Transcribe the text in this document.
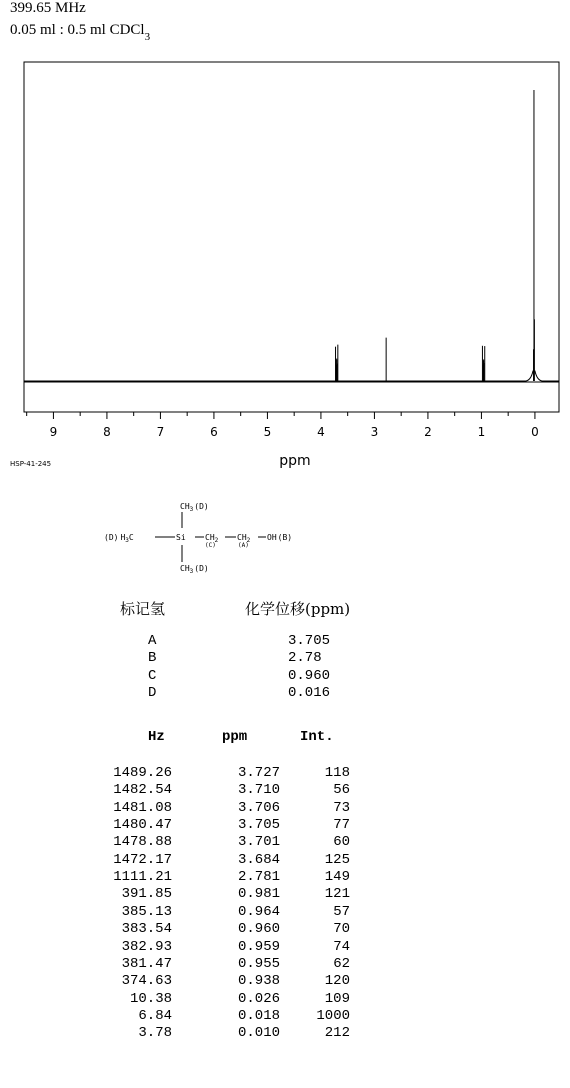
399.65 MHz
0.05 ml : 0.5 ml CDCl$_3$
9	8	7	6	5	4	3	2	1	0
ppm
HSP-41-245
$CH_3(D)$
(D) $H_3C$	Si $CH_2$
(C)
$CH_2$
(A)
OH(B)
$CH_3(D)$
标记氢	化学位移(ppm)
A	3.705
B	2.78
C	0.960
D	0.016
Hz	ppm	Int.
1489.26	3.727	118
1482.54	3.710	56
1481.08	3.706	73
1480.47	3.705	77
1478.88	3.701	60
1472.17	3.684	125
1111.21	2.781	149
391.85	0.981	121
385.13	0.964	57
383.54	0.960	70
382.93	0.959	74
381.47	0.955	62
374.63	0.938	120
10.38	0.026	109
6.84	0.018	1000
3.78	0.010	212
